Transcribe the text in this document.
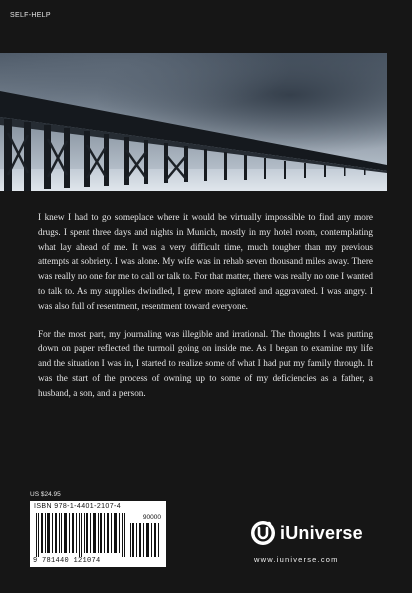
SELF-HELP

I knew I had to go someplace where it would be virtually impossible to find any more drugs. I spent three days and nights in Munich, mostly in my hotel room, contemplating what lay ahead of me. It was a very difficult time, much tougher than my previous attempts at sobriety. I was alone. My wife was in rehab seven thousand miles away. There was really no one for me to call or talk to. For that matter, there was really no one I wanted to talk to. As my supplies dwindled, I grew more agitated and aggravated. I was angry. I was also full of resentment, resentment toward everyone.

For the most part, my journaling was illegible and irrational. The thoughts I was putting down on paper reflected the turmoil going on inside me. As I began to examine my life and the situation I was in, I started to realize some of what I had put my family through. It was the start of the process of owning up to some of my deficiencies as a father, a husband, a son, and a person.

US $24.95
ISBN 978-1-4401-2107-4
90000
9 781440 121074
iUniverse
www.iuniverse.com
